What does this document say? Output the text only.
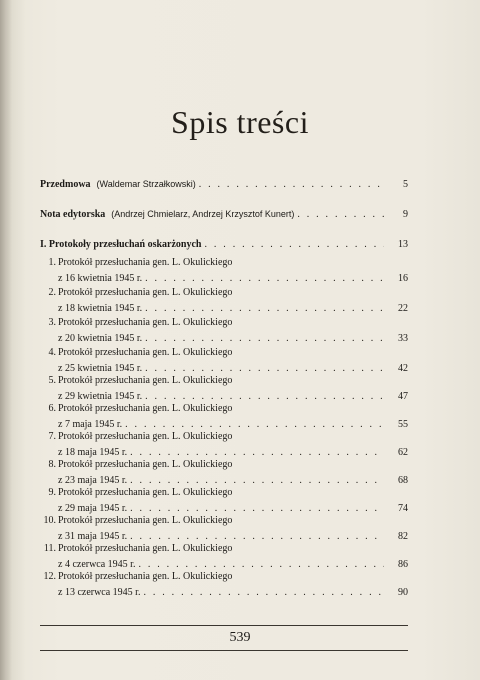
Spis treści
Przedmowa (Waldemar Strzałkowski) . . .	5
Nota edytorska (Andrzej Chmielarz, Andrzej Krzysztof Kunert) . . .	9
I. Protokoły przesłuchań oskarżonych . . .	13
1. Protokół przesłuchania gen. L. Okulickiego
z 16 kwietnia 1945 r. . . .	16
2. Protokół przesłuchania gen. L. Okulickiego
z 18 kwietnia 1945 r. . . .	22
3. Protokół przesłuchania gen. L. Okulickiego
z 20 kwietnia 1945 r. . . .	33
4. Protokół przesłuchania gen. L. Okulickiego
z 25 kwietnia 1945 r. . . .	42
5. Protokół przesłuchania gen. L. Okulickiego
z 29 kwietnia 1945 r. . . .	47
6. Protokół przesłuchania gen. L. Okulickiego
z 7 maja 1945 r. . . .	55
7. Protokół przesłuchania gen. L. Okulickiego
z 18 maja 1945 r. . . .	62
8. Protokół przesłuchania gen. L. Okulickiego
z 23 maja 1945 r. . . .	68
9. Protokół przesłuchania gen. L. Okulickiego
z 29 maja 1945 r. . . .	74
10. Protokół przesłuchania gen. L. Okulickiego
z 31 maja 1945 r. . . .	82
11. Protokół przesłuchania gen. L. Okulickiego
z 4 czerwca 1945 r. . . .	86
12. Protokół przesłuchania gen. L. Okulickiego
z 13 czerwca 1945 r. . . .	90
539
